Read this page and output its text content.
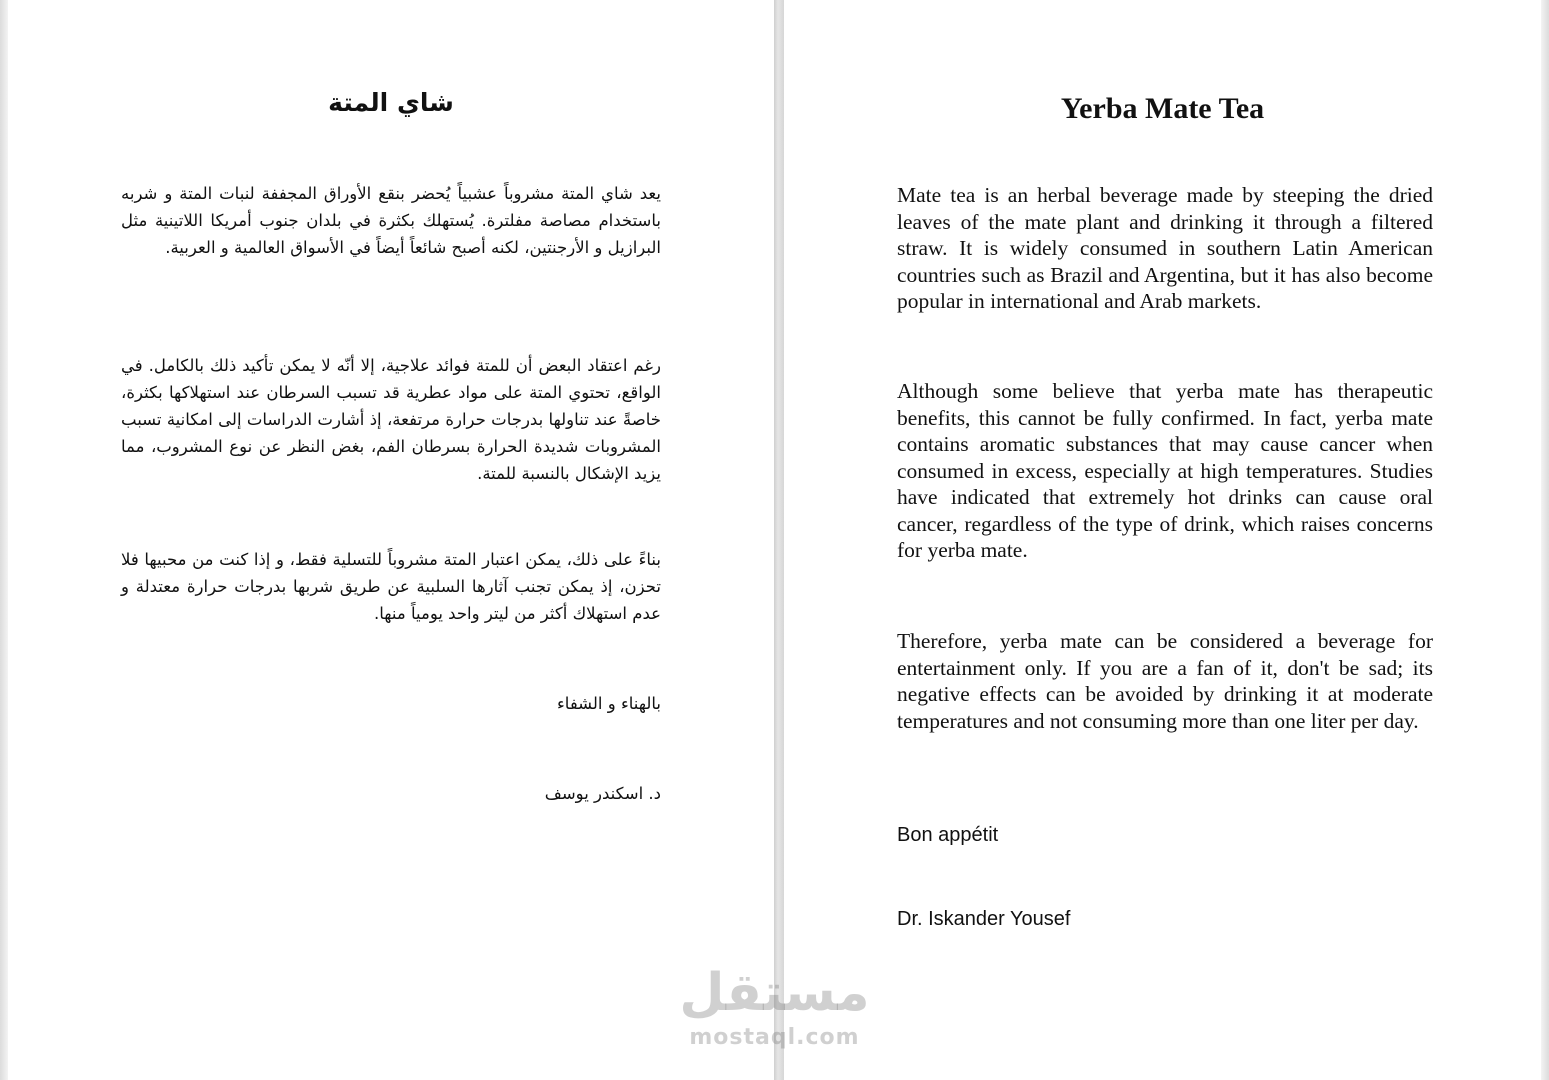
شاي المتة

يعد شاي المتة مشروباً عشبياً يُحضر بنقع الأوراق المجففة لنبات المتة و شربه باستخدام مصاصة مفلترة. يُستهلك بكثرة في بلدان جنوب أمريكا اللاتينية مثل البرازيل و الأرجنتين، لكنه أصبح شائعاً أيضاً في الأسواق العالمية و العربية.

رغم اعتقاد البعض أن للمتة فوائد علاجية، إلا أنّه لا يمكن تأكيد ذلك بالكامل. في الواقع، تحتوي المتة على مواد عطرية قد تسبب السرطان عند استهلاكها بكثرة، خاصةً عند تناولها بدرجات حرارة مرتفعة، إذ أشارت الدراسات إلى امكانية تسبب المشروبات شديدة الحرارة بسرطان الفم، بغض النظر عن نوع المشروب، مما يزيد الإشكال بالنسبة للمتة.

بناءً على ذلك، يمكن اعتبار المتة مشروباً للتسلية فقط، و إذا كنت من محبيها فلا تحزن، إذ يمكن تجنب آثارها السلبية عن طريق شربها بدرجات حرارة معتدلة و عدم استهلاك أكثر من ليتر واحد يومياً منها.

بالهناء و الشفاء

د. اسكندر يوسف

Yerba Mate Tea

Mate tea is an herbal beverage made by steeping the dried leaves of the mate plant and drinking it through a filtered straw. It is widely consumed in southern Latin American countries such as Brazil and Argentina, but it has also become popular in international and Arab markets.

Although some believe that yerba mate has therapeutic benefits, this cannot be fully confirmed. In fact, yerba mate contains aromatic substances that may cause cancer when consumed in excess, especially at high temperatures. Studies have indicated that extremely hot drinks can cause oral cancer, regardless of the type of drink, which raises concerns for yerba mate.

Therefore, yerba mate can be considered a beverage for entertainment only. If you are a fan of it, don't be sad; its negative effects can be avoided by drinking it at moderate temperatures and not consuming more than one liter per day.

Bon appétit

Dr. Iskander Yousef

مستقل
mostaql.com
